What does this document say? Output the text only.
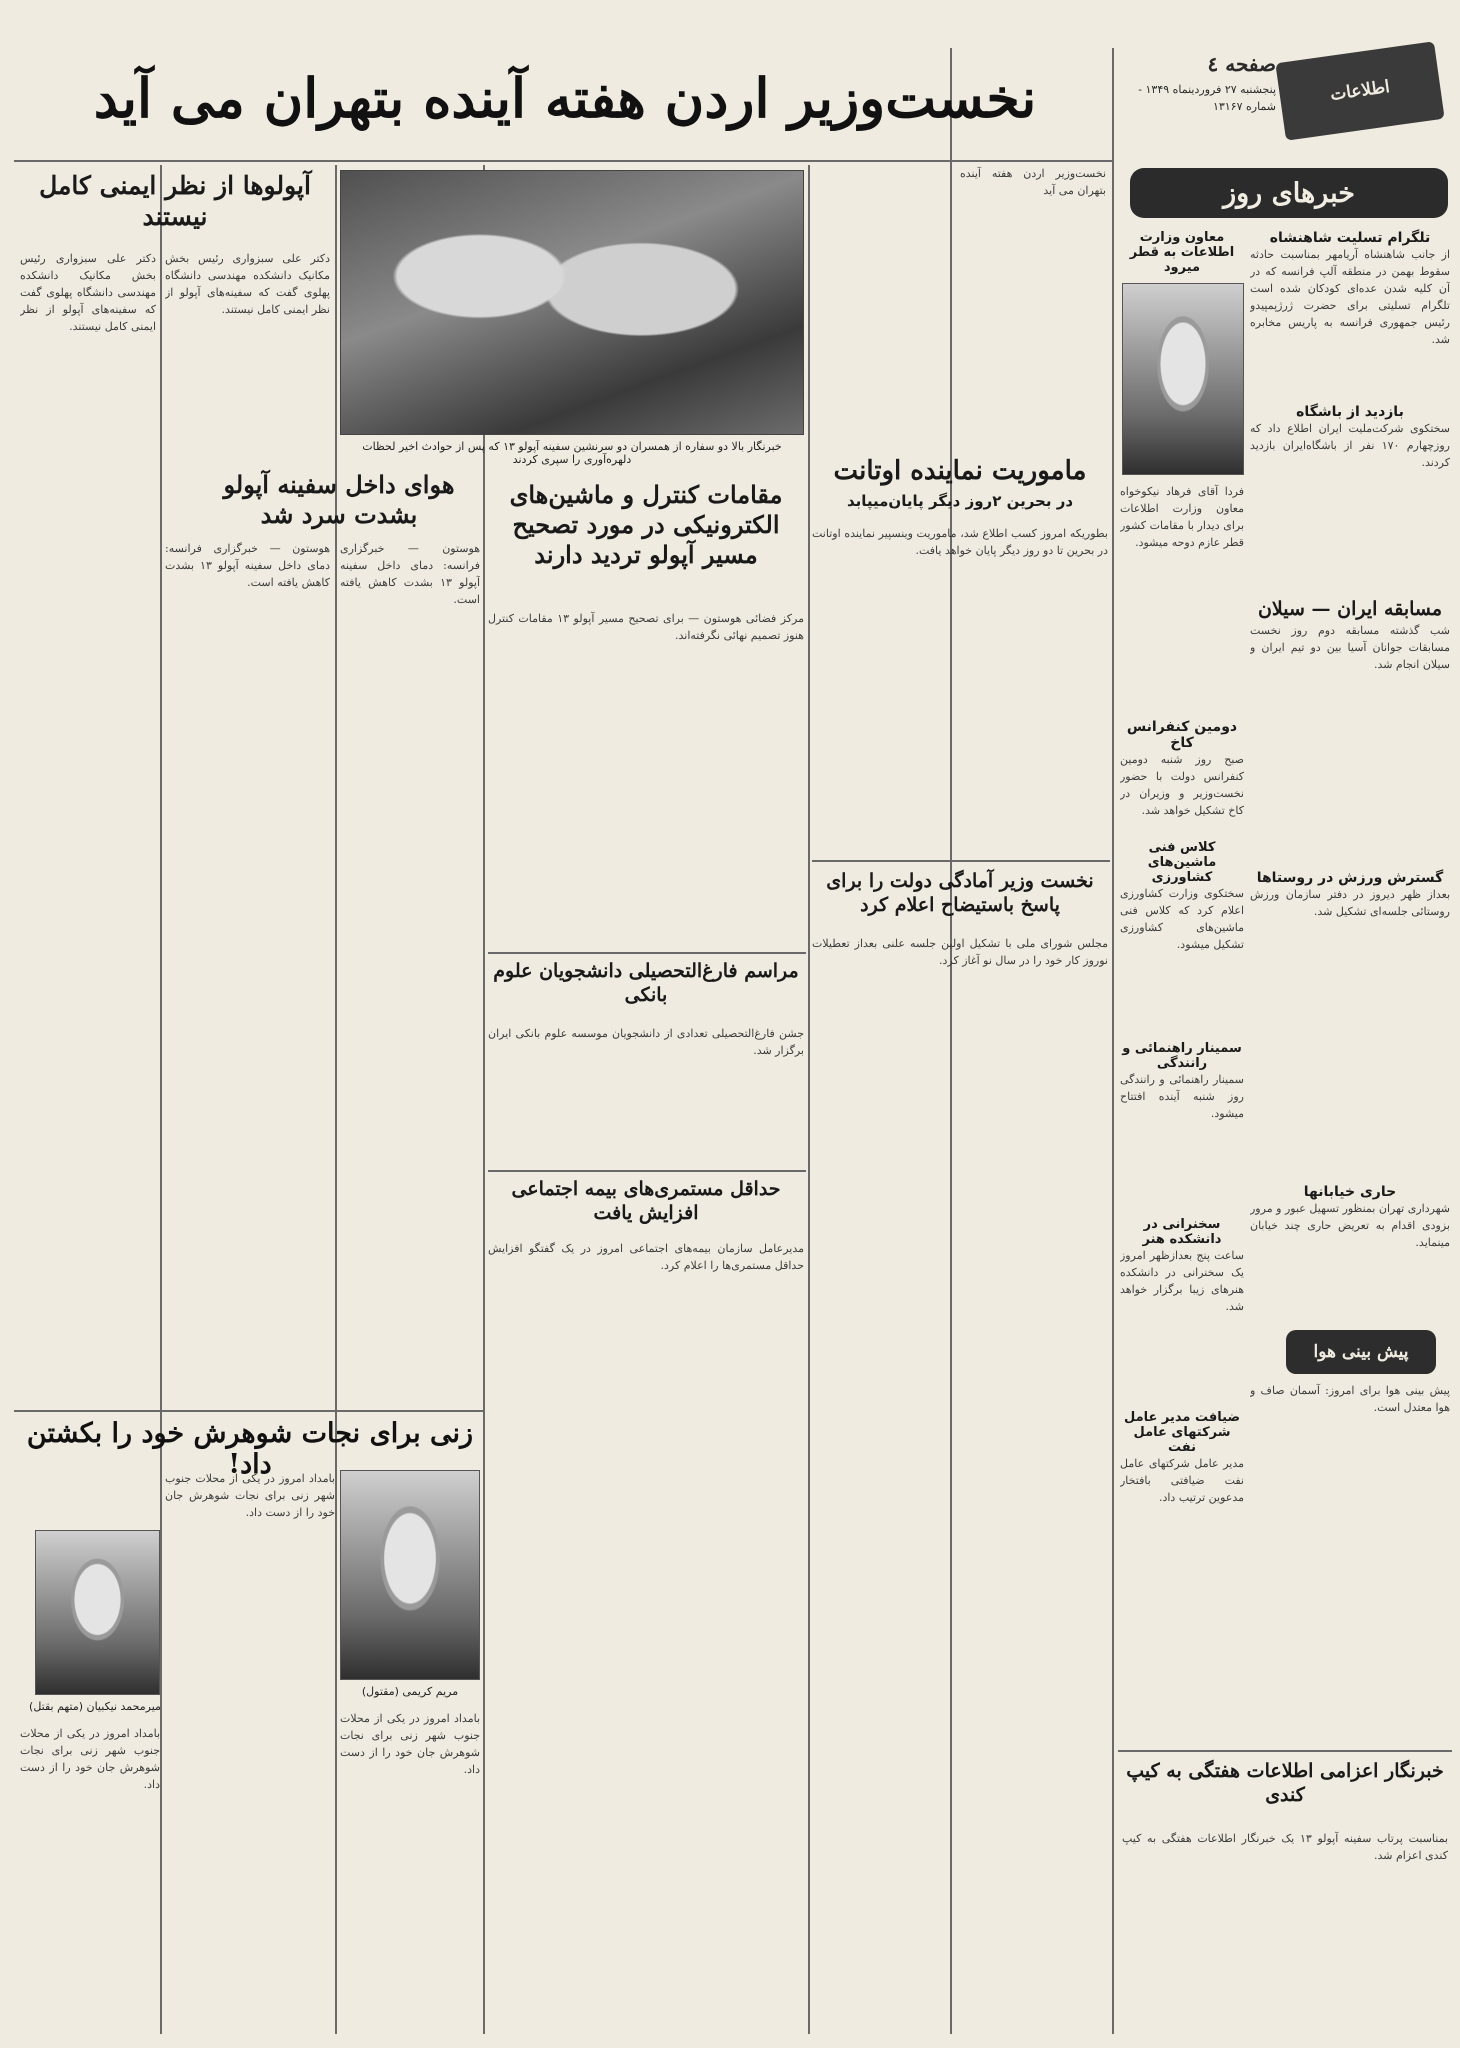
اطلاعات
صفحه ٤
پنجشنبه ۲۷ فروردینماه ۱۳۴۹ - شماره ۱۳۱۶۷
نخست‌وزیر اردن هفته آینده بتهران می آید
خبرهای روز
تلگرام تسلیت شاهنشاه
از جانب شاهنشاه آریامهر بمناسبت حادثه سقوط بهمن در منطقه آلپ فرانسه که در آن کلیه شدن عده‌ای کودکان شده است تلگرام تسلیتی برای حضرت ژرژپمپیدو رئیس جمهوری فرانسه به پاریس مخابره شد.
بازدید از باشگاه
سختکوی شرکت‌ملیت ایران اطلاع داد که روزچهارم ۱۷۰ نفر از باشگاه‌ایران بازدید کردند.
مسابقه ایران — سیلان
شب گذشته مسابقه دوم روز نخست مسابقات جوانان آسیا بین دو تیم ایران و سیلان انجام شد.
گسترش ورزش در روستاها
بعداز ظهر دیروز در دفتر سازمان ورزش روستائی جلسه‌ای تشکیل شد.
حاری خیابانها
شهرداری تهران بمنظور تسهیل عبور و مرور بزودی اقدام به تعریض حاری چند خیابان مینماید.
معاون وزارت اطلاعات به قطر میرود
فردا آقای فرهاد نیکوخواه معاون وزارت اطلاعات برای دیدار با مقامات کشور قطر عازم دوحه میشود.
دومین کنفرانس کاخ
صبح روز شنبه دومین کنفرانس دولت با حضور نخست‌وزیر و وزیران در کاخ تشکیل خواهد شد.
کلاس فنی ماشین‌های کشاورزی
سختکوی وزارت کشاورزی اعلام کرد که کلاس فنی ماشین‌های کشاورزی تشکیل میشود.
سمینار راهنمائی و رانندگی
سمینار راهنمائی و رانندگی روز شنبه آینده افتتاح میشود.
سخنرانی در دانشکده هنر
ساعت پنج بعدازظهر امروز یک سخنرانی در دانشکده هنرهای زیبا برگزار خواهد شد.
پیش بینی هوا
پیش بینی هوا برای امروز: آسمان صاف و هوا معتدل است.
ضیافت مدیر عامل شرکتهای عامل نفت
مدیر عامل شرکتهای عامل نفت ضیافتی بافتخار مدعوین ترتیب داد.
خبرنگار اعزامی اطلاعات هفتگی به کیپ کندی
بمناسبت پرتاب سفینه آپولو ۱۳ یک خبرنگار اطلاعات هفتگی به کیپ کندی اعزام شد.
ماموریت نماینده اوتانت
در بحرین ۲روز دیگر پایان‌میپابد
نخست‌وزیر اردن هفته آینده بتهران می آید
بطوریکه امروز کسب اطلاع شد، ماموریت وینسپیر نماینده اوتانت در بحرین تا دو روز دیگر پایان خواهد یافت.
نخست وزیر آمادگی دولت را برای پاسخ باستیضاح اعلام کرد
مجلس شورای ملی با تشکیل اولین جلسه علنی بعداز تعطیلات نوروز کار خود را در سال نو آغاز کرد.
خبرنگار بالا دو سفاره از همسران دو سرنشین سفینه آپولو ۱۳ که پس از حوادث اخیر لحظات دلهره‌آوری را سپری کردند
مقامات کنترل و ماشین‌های الکترونیکی در مورد تصحیح مسیر آپولو تردید دارند
مرکز فضائی هوستون — برای تصحیح مسیر آپولو ۱۳ مقامات کنترل هنوز تصمیم نهائی نگرفته‌اند.
مراسم فارغ‌التحصیلی دانشجویان علوم بانکی
جشن فارغ‌التحصیلی تعدادی از دانشجویان موسسه علوم بانکی ایران برگزار شد.
حداقل مستمری‌های بیمه اجتماعی افزایش یافت
مدیرعامل سازمان بیمه‌های اجتماعی امروز در یک گفتگو افزایش حداقل مستمری‌ها را اعلام کرد.
هوای داخل سفینه آپولو بشدت سرد شد
هوستون — خبرگزاری فرانسه: دمای داخل سفینه آپولو ۱۳ بشدت کاهش یافته است.
هوستون — خبرگزاری فرانسه: دمای داخل سفینه آپولو ۱۳ بشدت کاهش یافته است.
آپولوها از نظر ایمنی کامل نیستند
دکتر علی سبزواری رئیس بخش مکانیک دانشکده مهندسی دانشگاه پهلوی گفت که سفینه‌های آپولو از نظر ایمنی کامل نیستند.
دکتر علی سبزواری رئیس بخش مکانیک دانشکده مهندسی دانشگاه پهلوی گفت که سفینه‌های آپولو از نظر ایمنی کامل نیستند.
زنی برای نجات شوهرش خود را بکشتن داد!
مریم کریمی (مقتول)
میرمحمد نیکبیان (متهم بقتل)
بامداد امروز در یکی از محلات جنوب شهر زنی برای نجات شوهرش جان خود را از دست داد.
بامداد امروز در یکی از محلات جنوب شهر زنی برای نجات شوهرش جان خود را از دست داد.
بامداد امروز در یکی از محلات جنوب شهر زنی برای نجات شوهرش جان خود را از دست داد.
